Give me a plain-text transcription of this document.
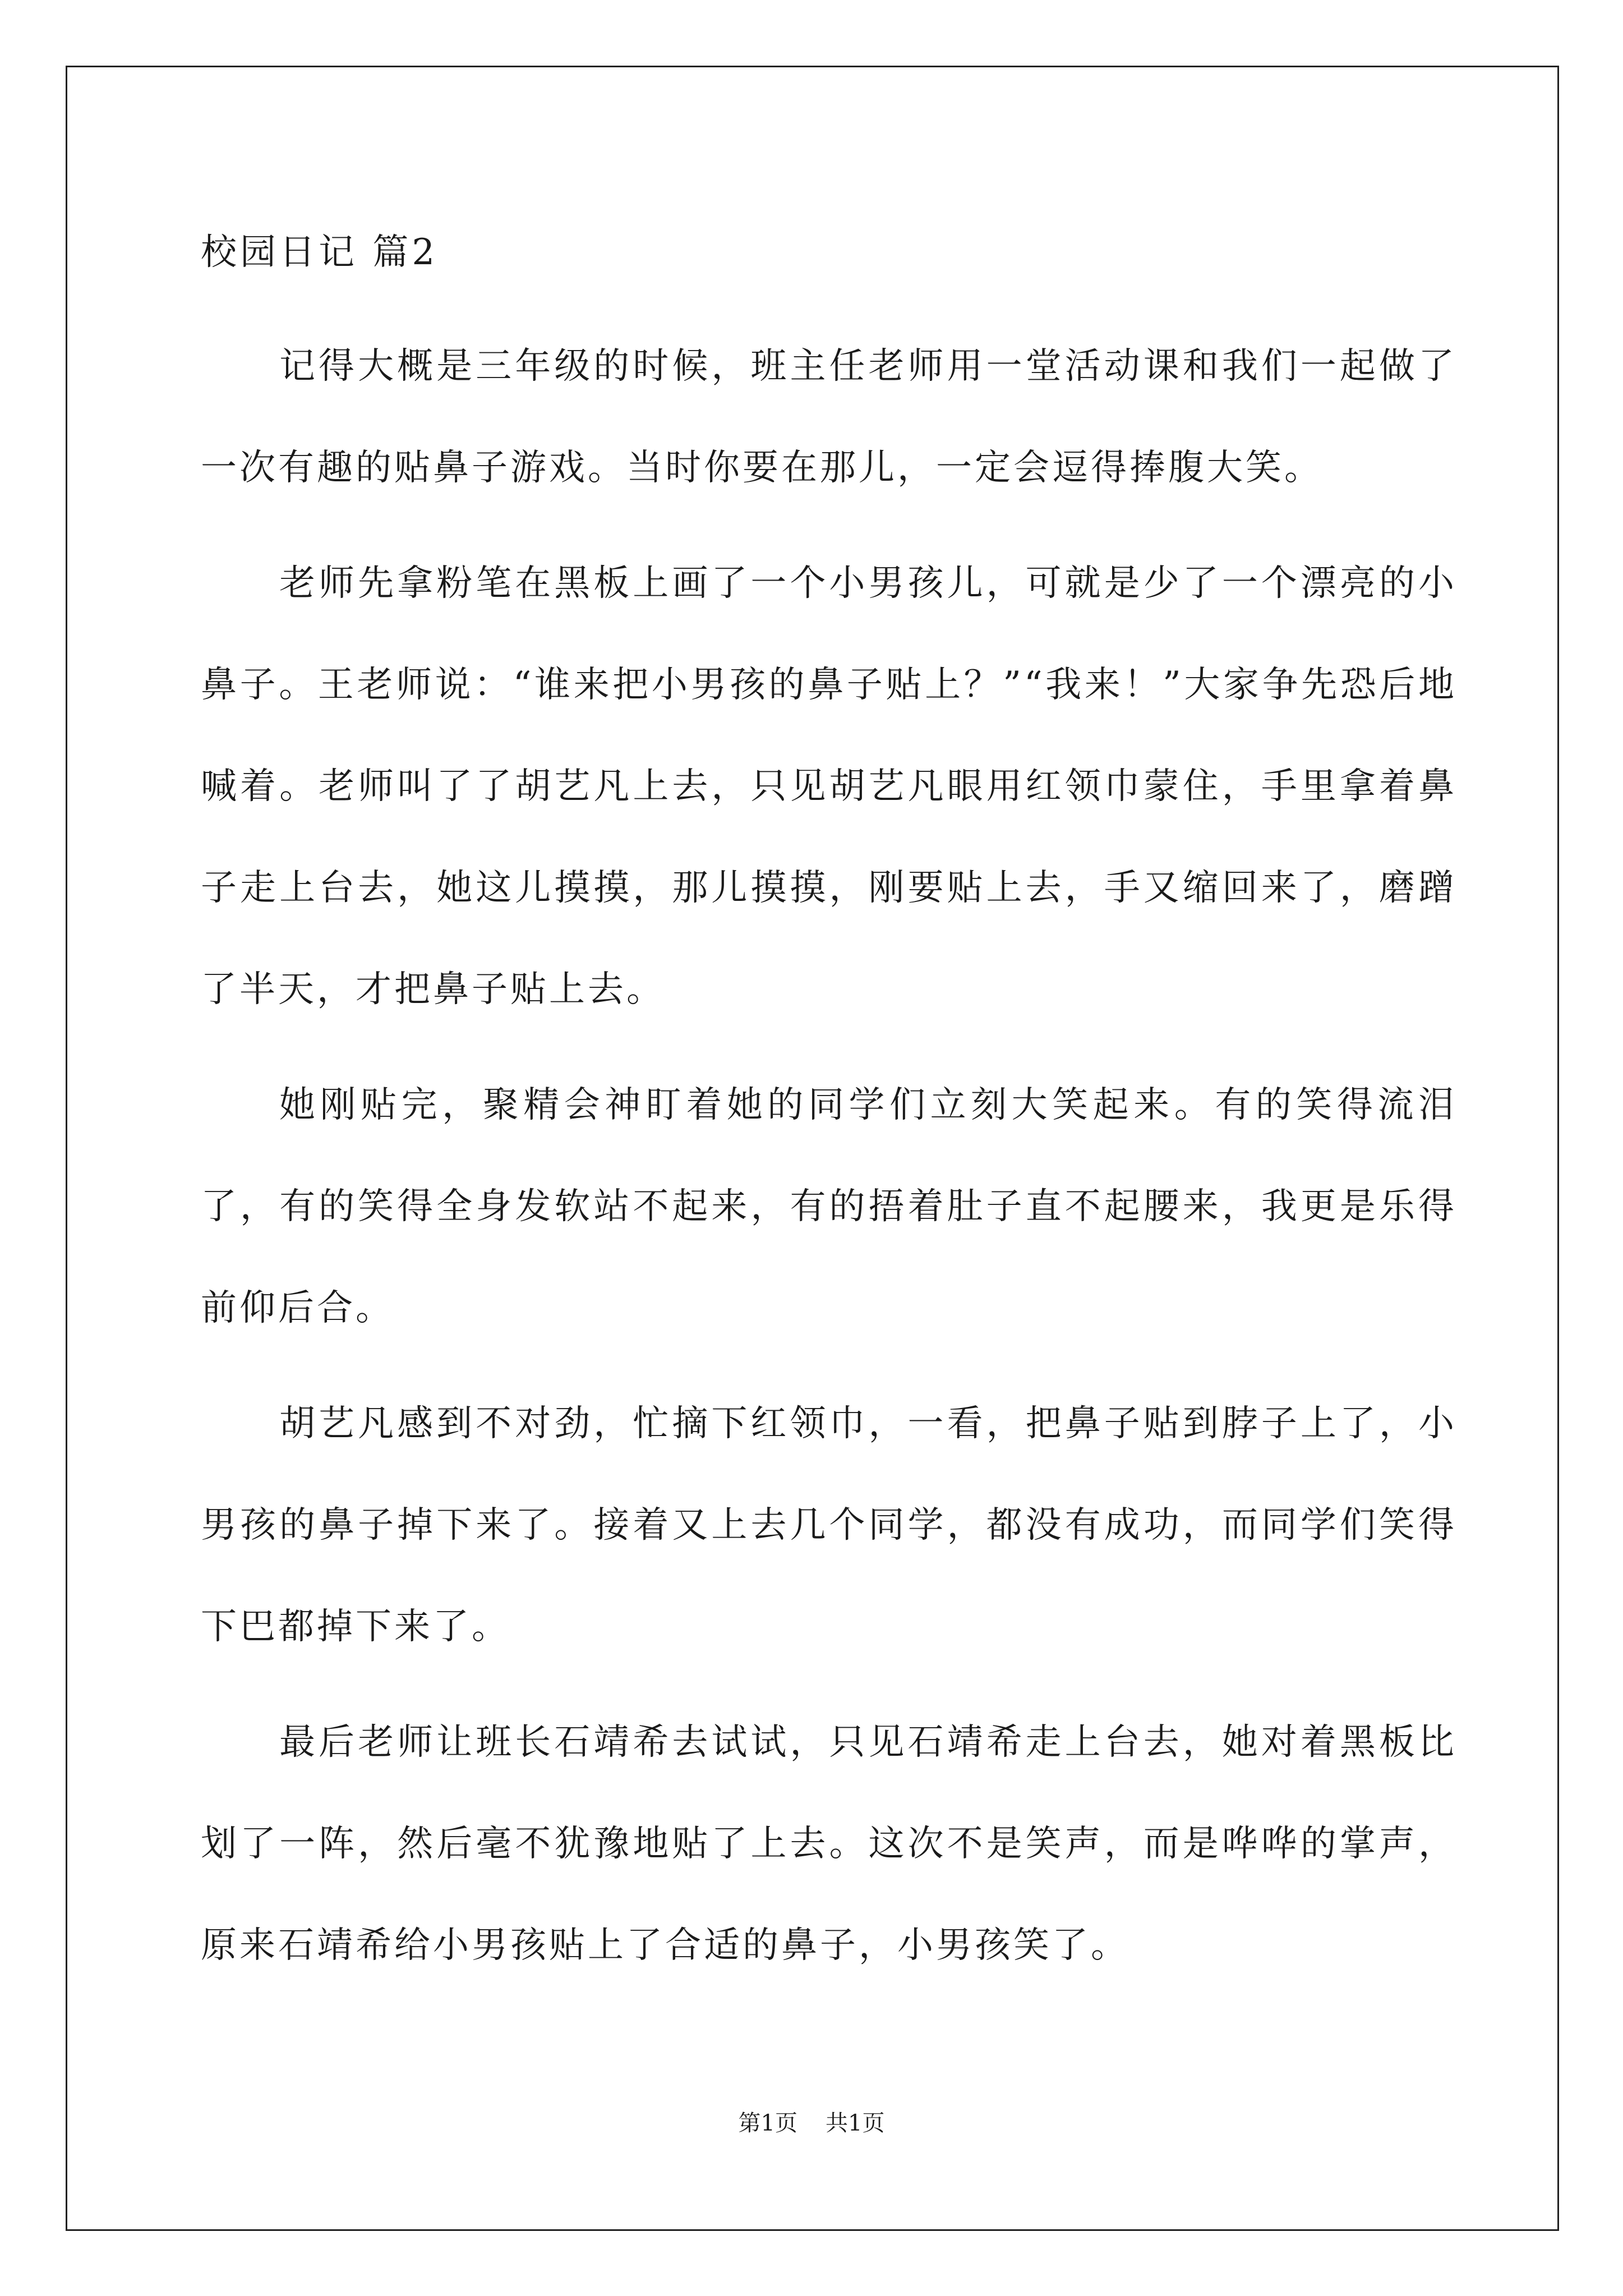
校园日记 篇2

记得大概是三年级的时候，班主任老师用一堂活动课和我们一起做了一次有趣的贴鼻子游戏。当时你要在那儿，一定会逗得捧腹大笑。

老师先拿粉笔在黑板上画了一个小男孩儿，可就是少了一个漂亮的小鼻子。王老师说：“谁来把小男孩的鼻子贴上？”“我来！”大家争先恐后地喊着。老师叫了了胡艺凡上去，只见胡艺凡眼用红领巾蒙住，手里拿着鼻子走上台去，她这儿摸摸，那儿摸摸，刚要贴上去，手又缩回来了，磨蹭了半天，才把鼻子贴上去。

她刚贴完，聚精会神盯着她的同学们立刻大笑起来。有的笑得流泪了，有的笑得全身发软站不起来，有的捂着肚子直不起腰来，我更是乐得前仰后合。

胡艺凡感到不对劲，忙摘下红领巾，一看，把鼻子贴到脖子上了，小男孩的鼻子掉下来了。接着又上去几个同学，都没有成功，而同学们笑得下巴都掉下来了。

最后老师让班长石靖希去试试，只见石靖希走上台去，她对着黑板比划了一阵，然后毫不犹豫地贴了上去。这次不是笑声，而是哗哗的掌声，原来石靖希给小男孩贴上了合适的鼻子，小男孩笑了。

第1页 共1页
